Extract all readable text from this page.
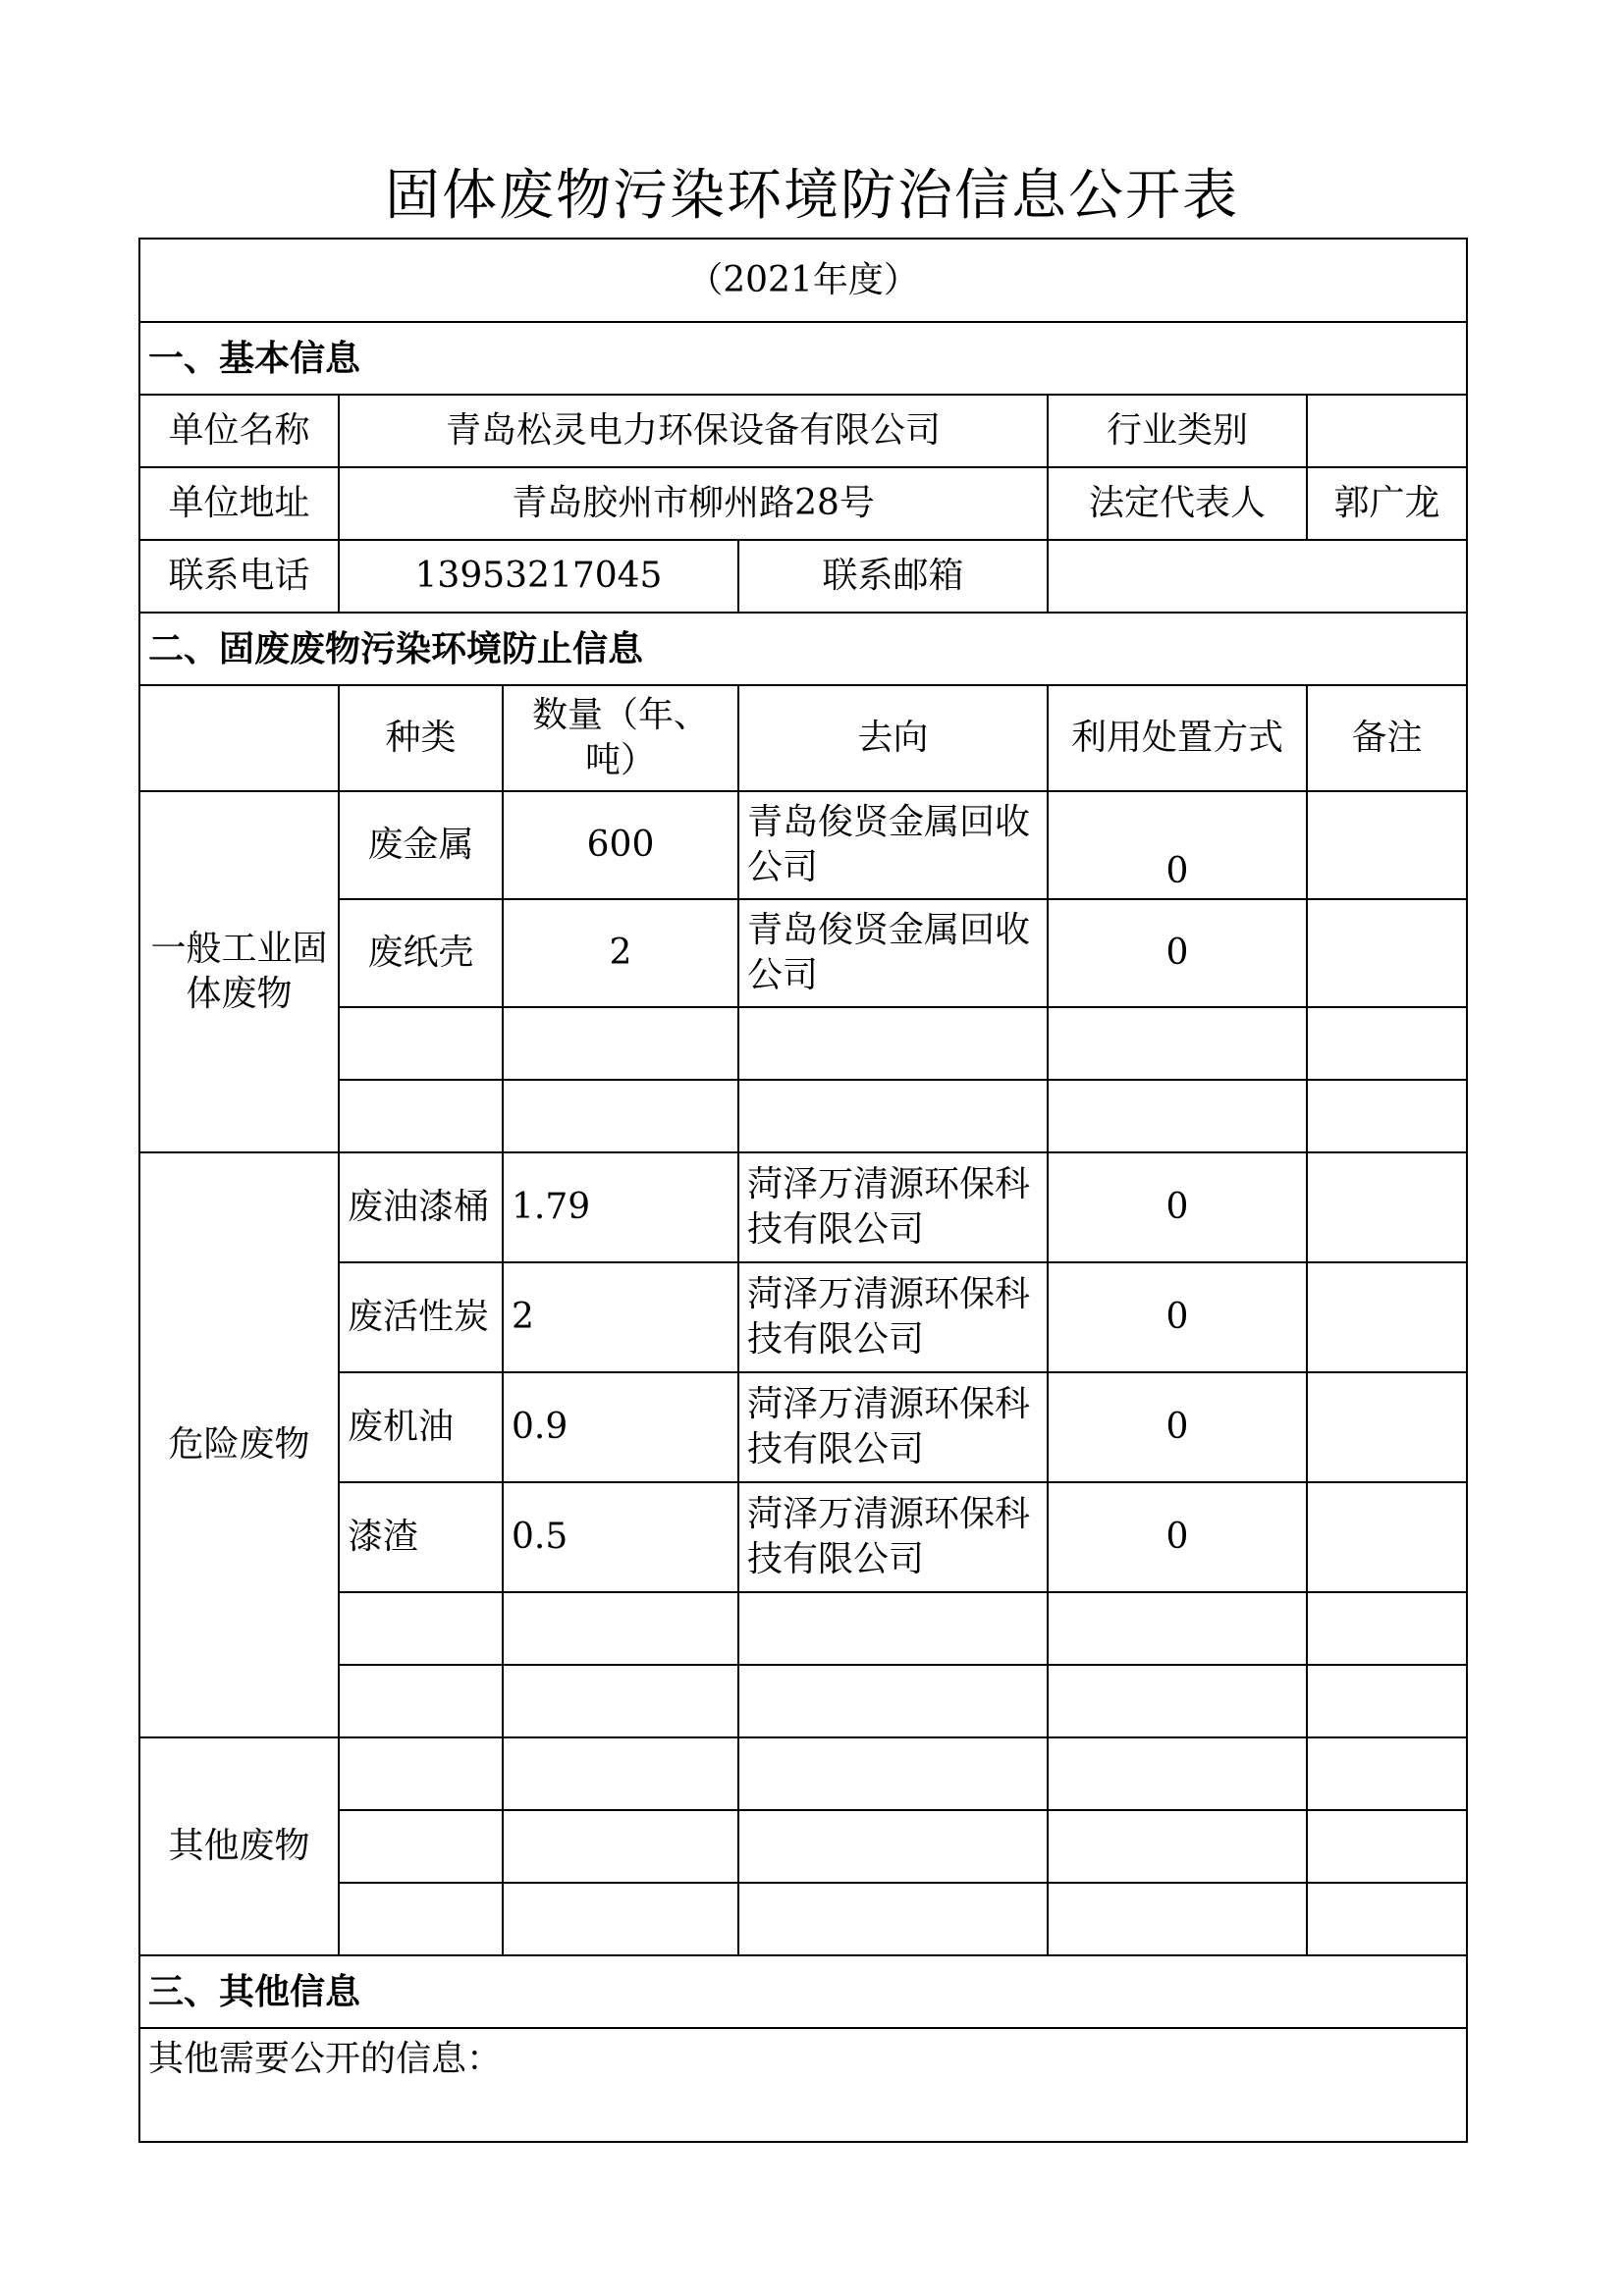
固体废物污染环境防治信息公开表
（2021年度）					
一、基本信息					
单位名称	青岛松灵电力环保设备有限公司			行业类别	
单位地址	青岛胶州市柳州路28号			法定代表人	郭广龙
联系电话	13953217045		联系邮箱		
二、固废废物污染环境防止信息					
	种类	数量（年、吨）	去向	利用处置方式	备注
一般工业固体废物	废金属	600	青岛俊贤金属回收公司	0	
	废纸壳	2	青岛俊贤金属回收公司	0	

危险废物	废油漆桶	1.79	菏泽万清源环保科技有限公司	0	
	废活性炭	2	菏泽万清源环保科技有限公司	0	
	废机油	0.9	菏泽万清源环保科技有限公司	0	
	漆渣	0.5	菏泽万清源环保科技有限公司	0	

其他废物					

三、其他信息					
其他需要公开的信息：					
